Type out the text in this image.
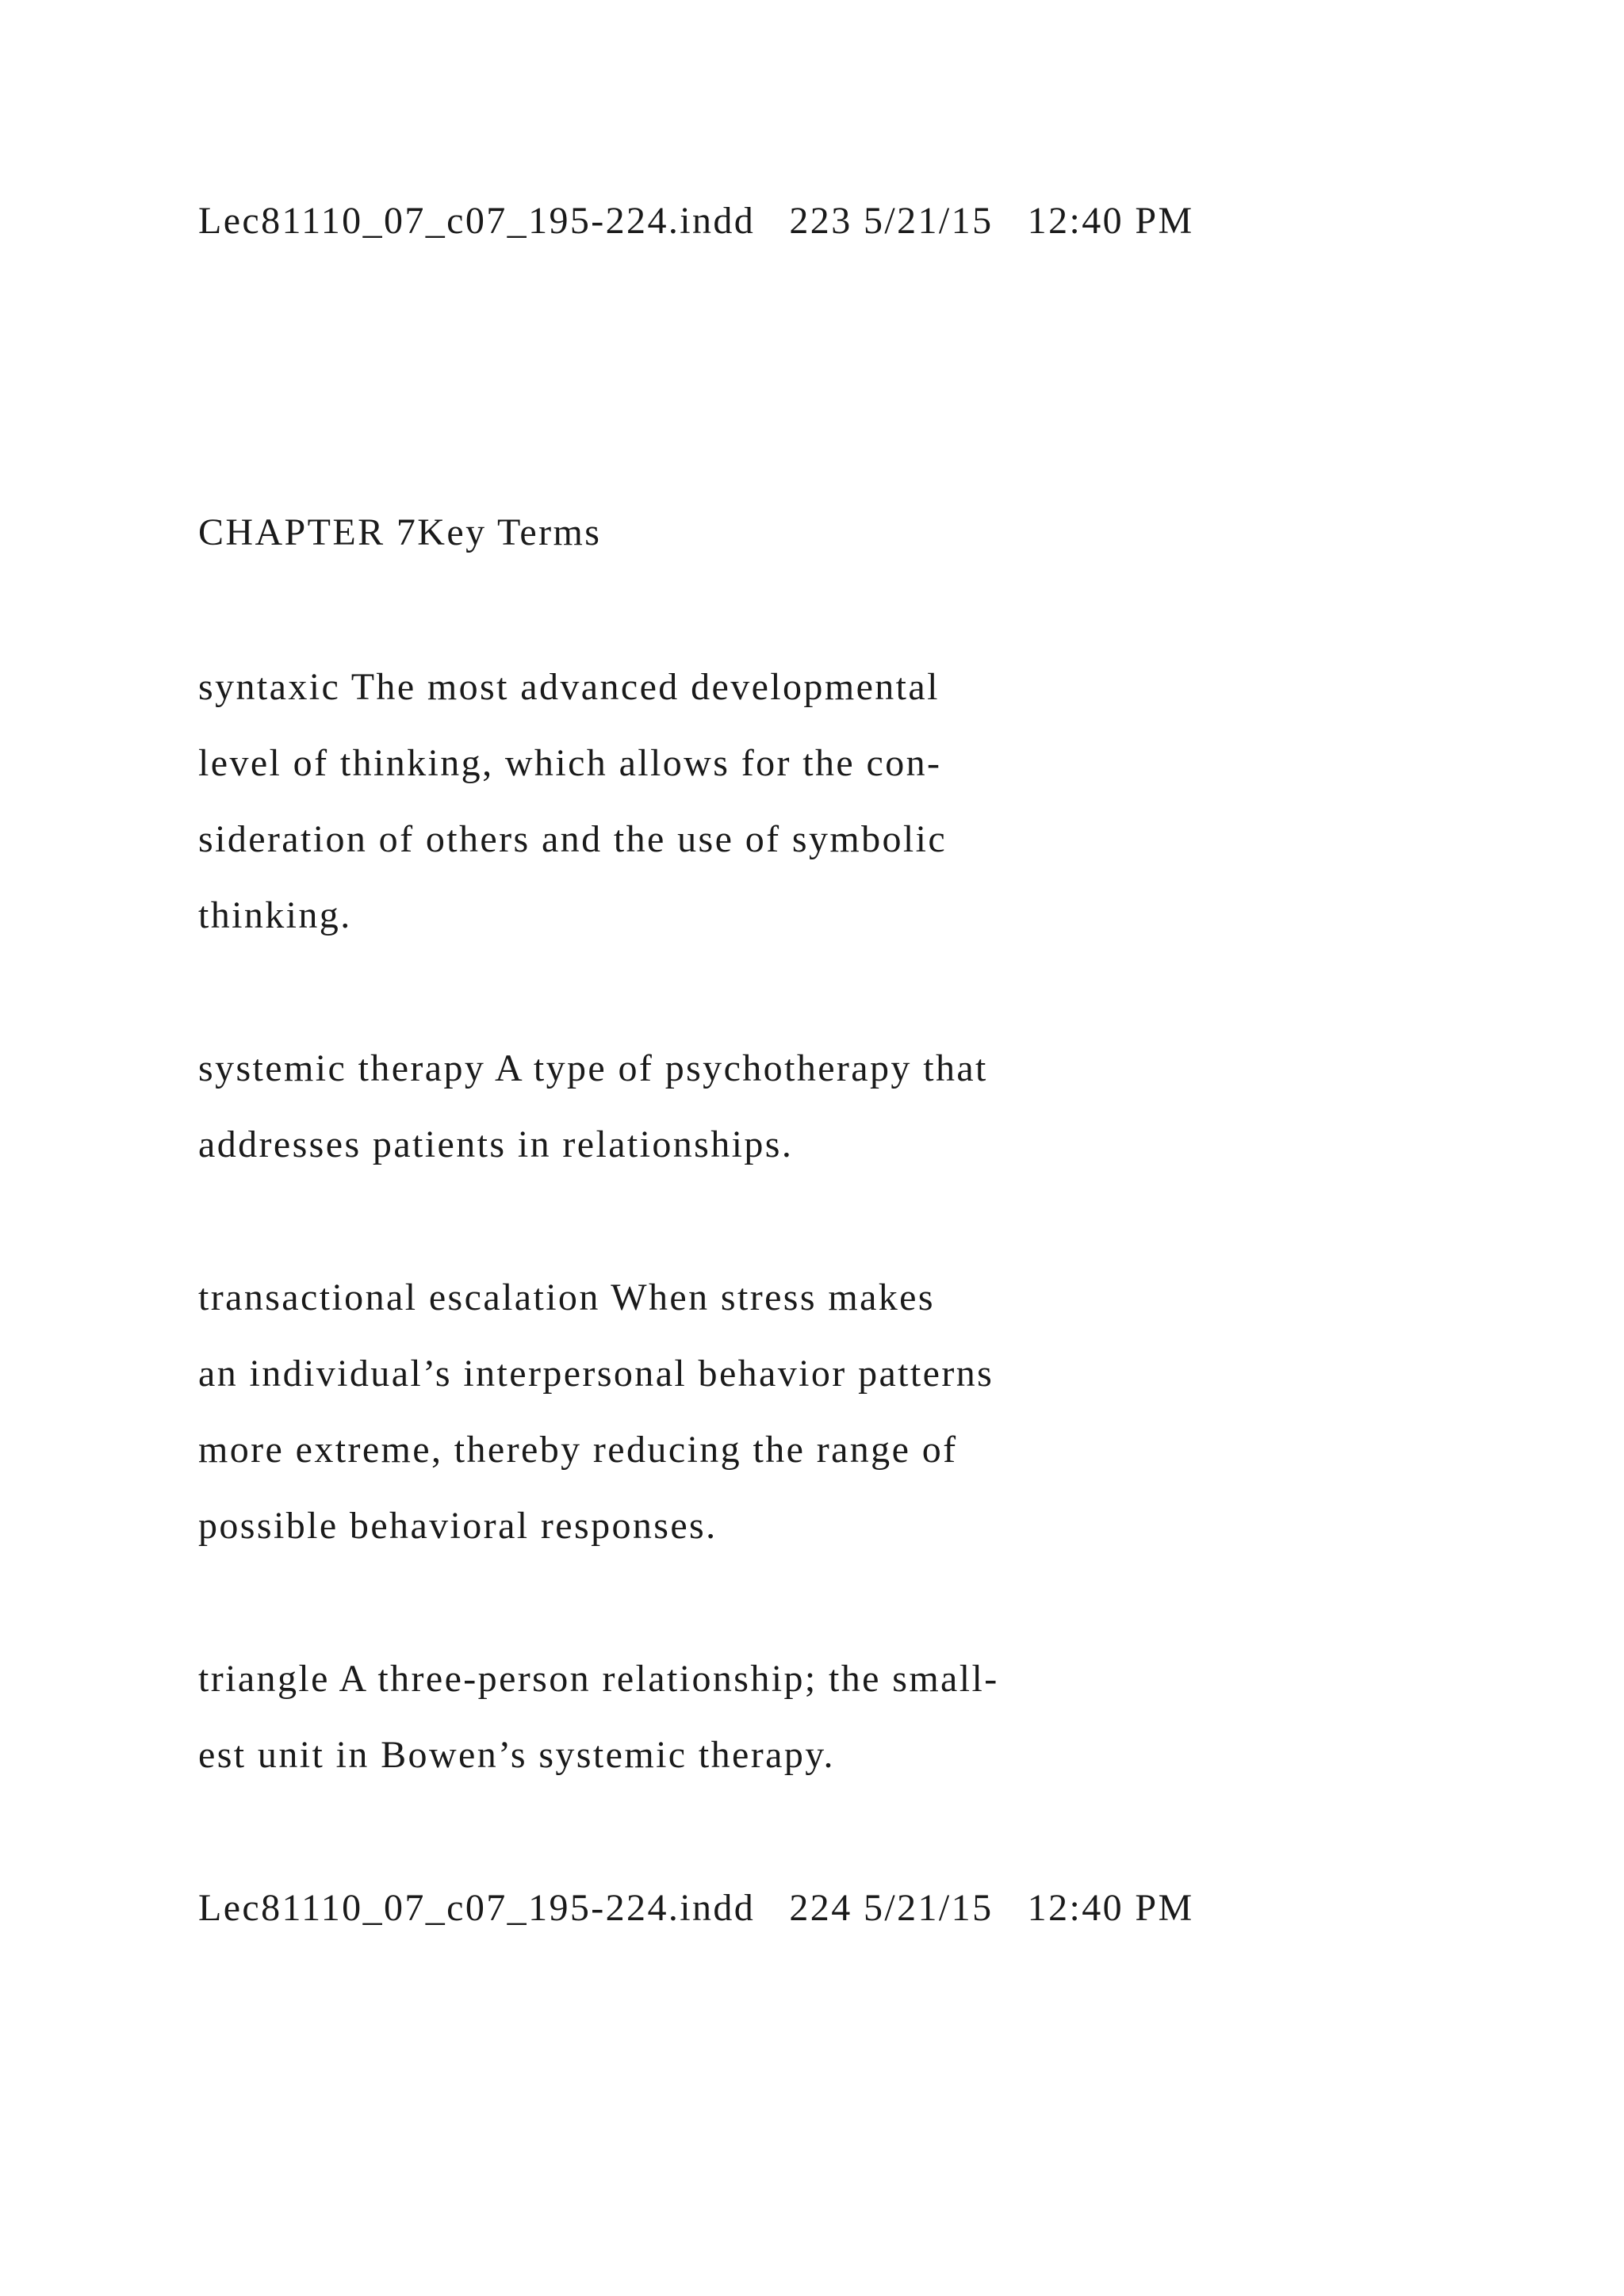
Lec81110_07_c07_195-224.indd   223 5/21/15   12:40 PM

CHAPTER 7Key Terms

syntaxic The most advanced developmental

level of thinking, which allows for the con-

sideration of others and the use of symbolic

thinking.

systemic therapy A type of psychotherapy that

addresses patients in relationships.

transactional escalation When stress makes

an individual’s interpersonal behavior patterns

more extreme, thereby reducing the range of

possible behavioral responses.

triangle A three-person relationship; the small-

est unit in Bowen’s systemic therapy.

Lec81110_07_c07_195-224.indd   224 5/21/15   12:40 PM
